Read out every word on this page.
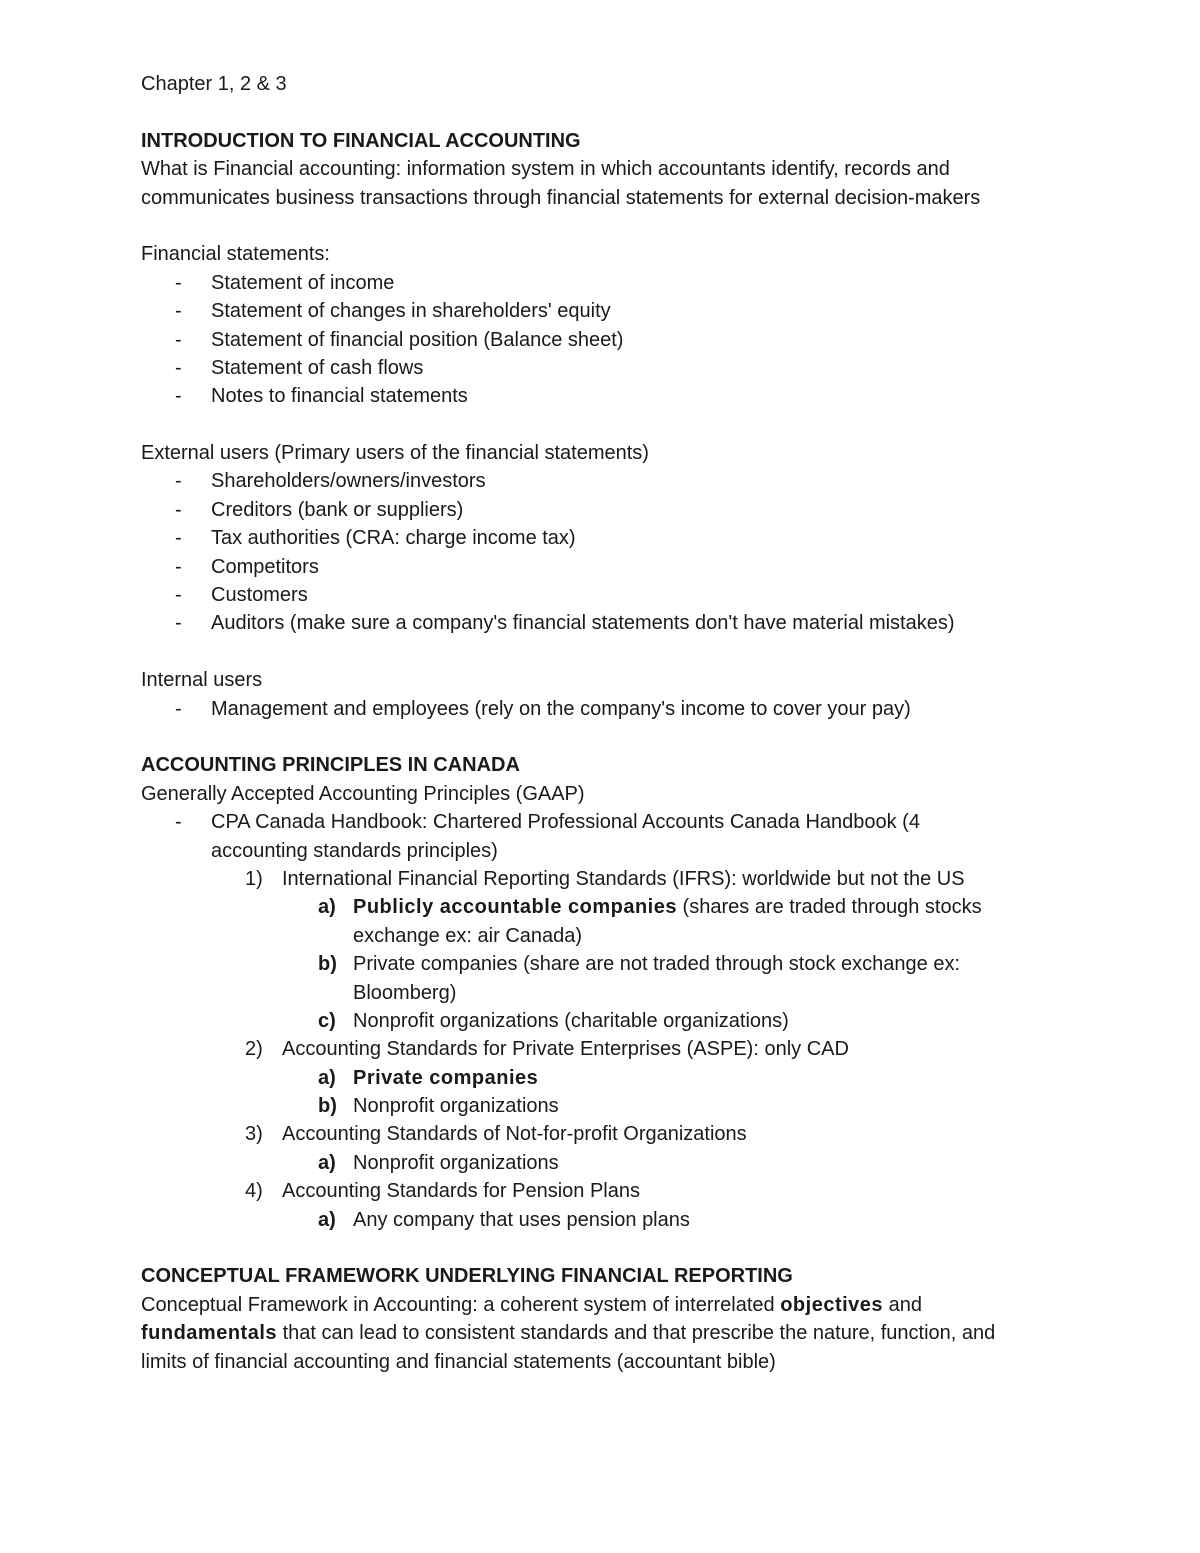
Chapter 1, 2 & 3
INTRODUCTION TO FINANCIAL ACCOUNTING
What is Financial accounting: information system in which accountants identify, records and
communicates business transactions through financial statements for external decision-makers
Financial statements:
- Statement of income
- Statement of changes in shareholders' equity
- Statement of financial position (Balance sheet)
- Statement of cash flows
- Notes to financial statements
External users (Primary users of the financial statements)
- Shareholders/owners/investors
- Creditors (bank or suppliers)
- Tax authorities (CRA: charge income tax)
- Competitors
- Customers
- Auditors (make sure a company's financial statements don't have material mistakes)
Internal users
- Management and employees (rely on the company's income to cover your pay)
ACCOUNTING PRINCIPLES IN CANADA
Generally Accepted Accounting Principles (GAAP)
- CPA Canada Handbook: Chartered Professional Accounts Canada Handbook (4
accounting standards principles)
1) International Financial Reporting Standards (IFRS): worldwide but not the US
a) Publicly accountable companies (shares are traded through stocks
exchange ex: air Canada)
b) Private companies (share are not traded through stock exchange ex:
Bloomberg)
c) Nonprofit organizations (charitable organizations)
2) Accounting Standards for Private Enterprises (ASPE): only CAD
a) Private companies
b) Nonprofit organizations
3) Accounting Standards of Not-for-profit Organizations
a) Nonprofit organizations
4) Accounting Standards for Pension Plans
a) Any company that uses pension plans
CONCEPTUAL FRAMEWORK UNDERLYING FINANCIAL REPORTING
Conceptual Framework in Accounting: a coherent system of interrelated objectives and
fundamentals that can lead to consistent standards and that prescribe the nature, function, and
limits of financial accounting and financial statements (accountant bible)
